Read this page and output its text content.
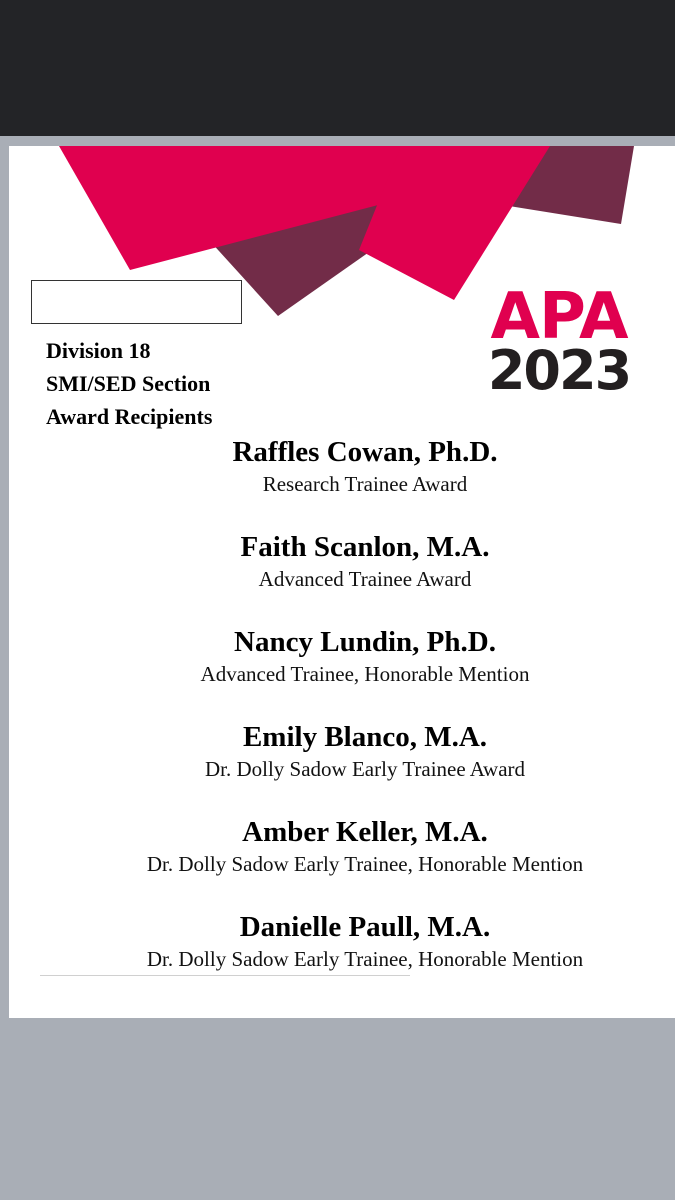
APA
2023
Division 18
SMI/SED Section
Award Recipients
Raffles Cowan, Ph.D.
Research Trainee Award
Faith Scanlon, M.A.
Advanced Trainee Award
Nancy Lundin, Ph.D.
Advanced Trainee, Honorable Mention
Emily Blanco, M.A.
Dr. Dolly Sadow Early Trainee Award
Amber Keller, M.A.
Dr. Dolly Sadow Early Trainee, Honorable Mention
Danielle Paull, M.A.
Dr. Dolly Sadow Early Trainee, Honorable Mention
